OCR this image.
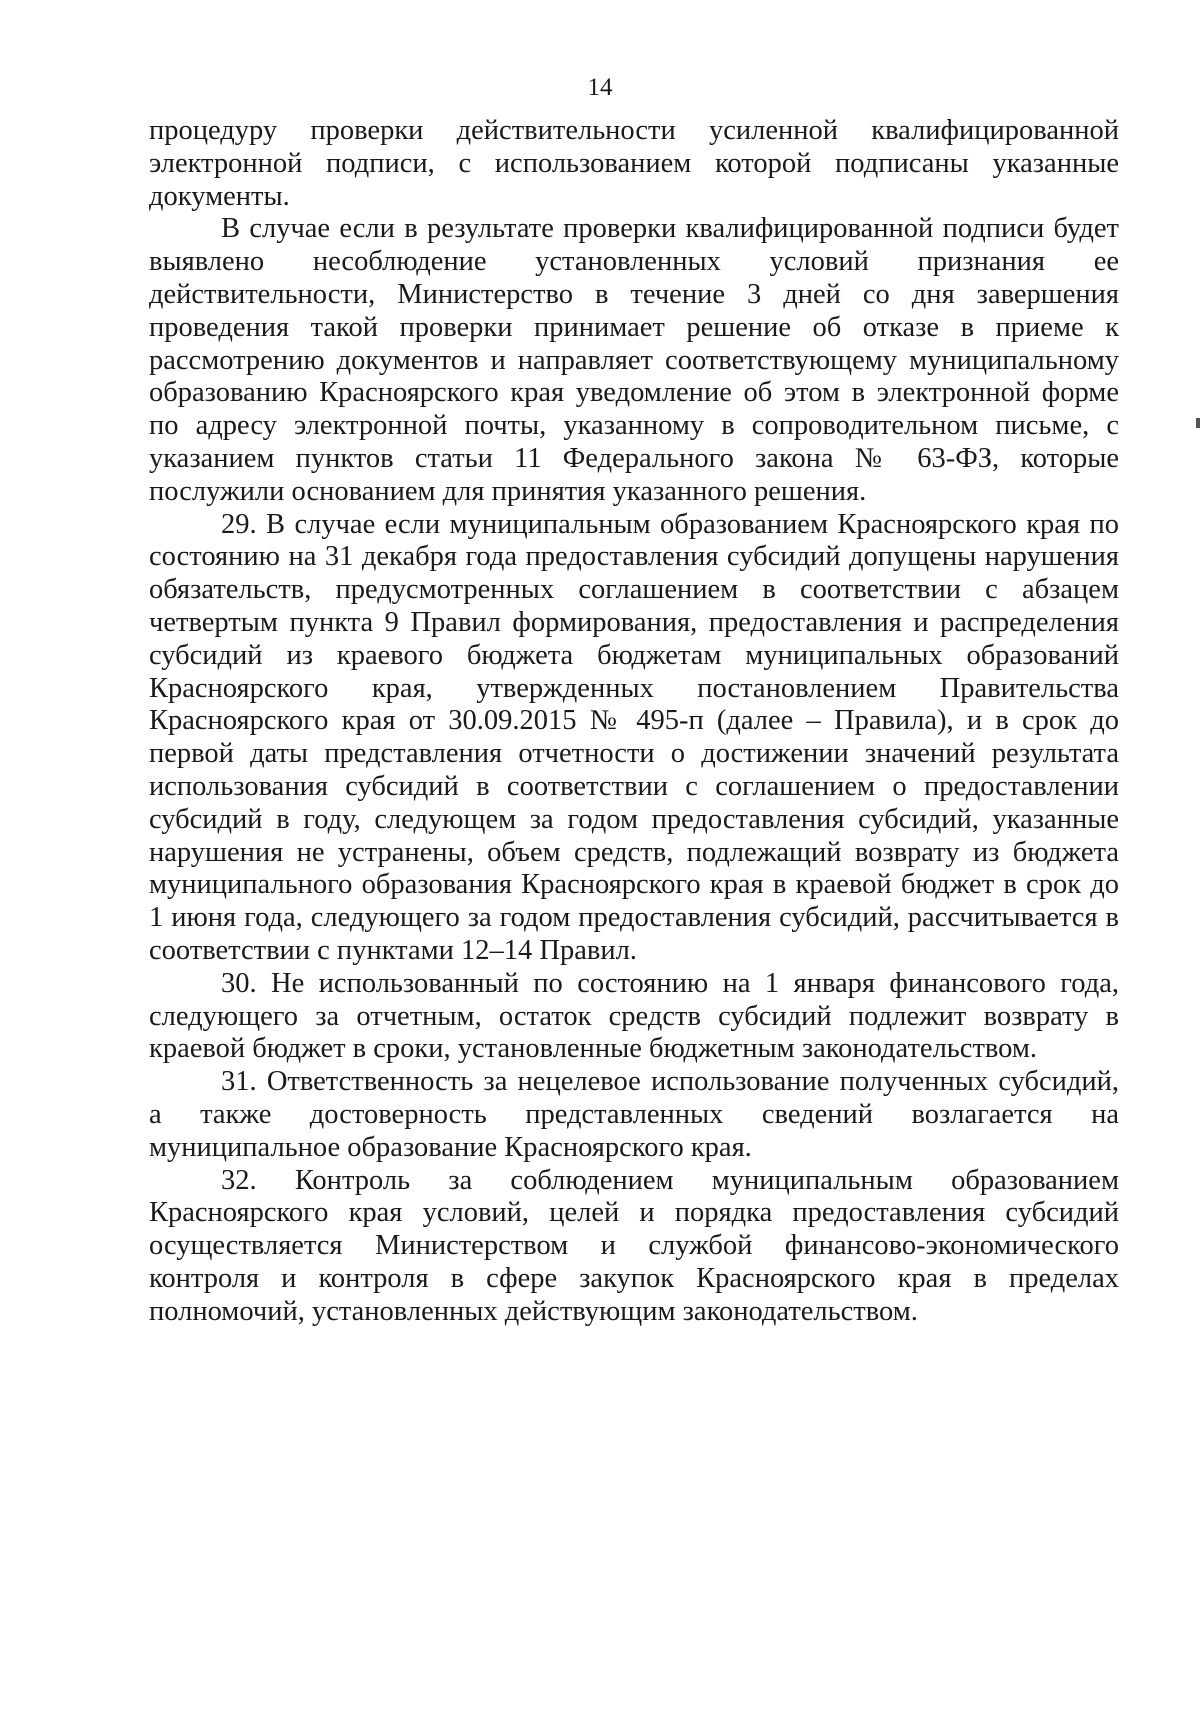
14

процедуру проверки действительности усиленной квалифицированной электронной подписи, с использованием которой подписаны указанные документы.

В случае если в результате проверки квалифицированной подписи будет выявлено несоблюдение установленных условий признания ее действительности, Министерство в течение 3 дней со дня завершения проведения такой проверки принимает решение об отказе в приеме к рассмотрению документов и направляет соответствующему муниципальному образованию Красноярского края уведомление об этом в электронной форме по адресу электронной почты, указанному в сопроводительном письме, с указанием пунктов статьи 11 Федерального закона № 63-ФЗ, которые послужили основанием для принятия указанного решения.

29. В случае если муниципальным образованием Красноярского края по состоянию на 31 декабря года предоставления субсидий допущены нарушения обязательств, предусмотренных соглашением в соответствии с абзацем четвертым пункта 9 Правил формирования, предоставления и распределения субсидий из краевого бюджета бюджетам муниципальных образований Красноярского края, утвержденных постановлением Правительства Красноярского края от 30.09.2015 № 495-п (далее – Правила), и в срок до первой даты представления отчетности о достижении значений результата использования субсидий в соответствии с соглашением о предоставлении субсидий в году, следующем за годом предоставления субсидий, указанные нарушения не устранены, объем средств, подлежащий возврату из бюджета муниципального образования Красноярского края в краевой бюджет в срок до 1 июня года, следующего за годом предоставления субсидий, рассчитывается в соответствии с пунктами 12–14 Правил.

30. Не использованный по состоянию на 1 января финансового года, следующего за отчетным, остаток средств субсидий подлежит возврату в краевой бюджет в сроки, установленные бюджетным законодательством.

31. Ответственность за нецелевое использование полученных субсидий, а также достоверность представленных сведений возлагается на муниципальное образование Красноярского края.

32. Контроль за соблюдением муниципальным образованием Красноярского края условий, целей и порядка предоставления субсидий осуществляется Министерством и службой финансово-экономического контроля и контроля в сфере закупок Красноярского края в пределах полномочий, установленных действующим законодательством.
